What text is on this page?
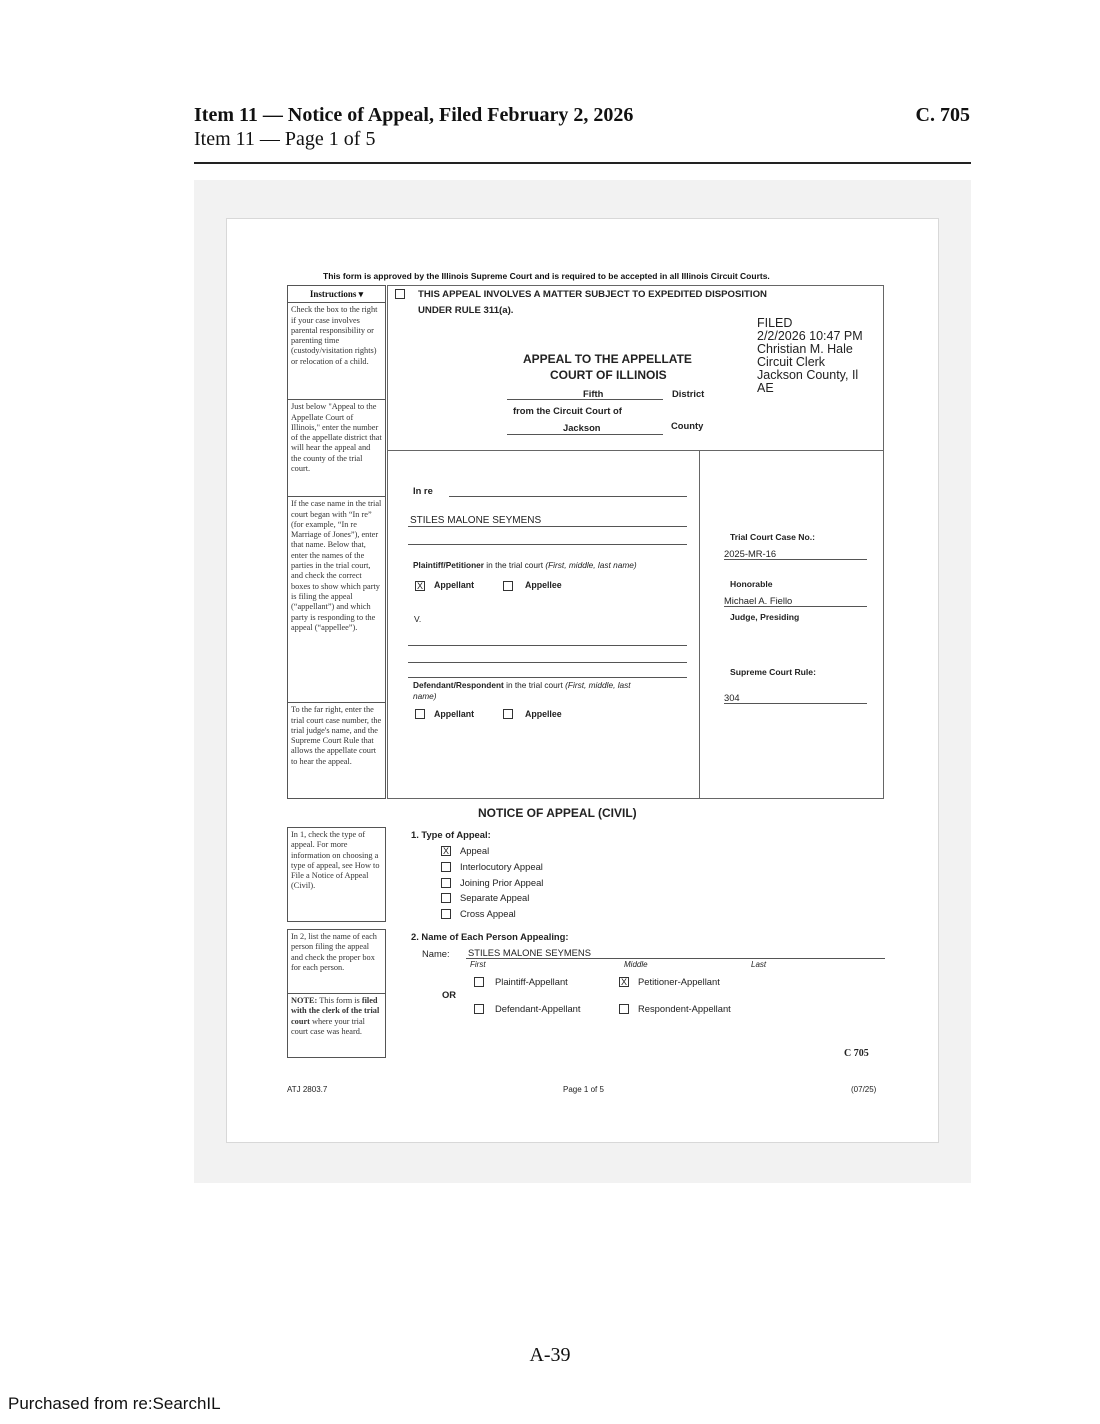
Item 11 — Notice of Appeal, Filed February 2, 2026
Item 11 — Page 1 of 5
C. 705
This form is approved by the Illinois Supreme Court and is required to be accepted in all Illinois Circuit Courts.
Instructions ▾
Check the box to the right if your case involves parental responsibility or parenting time (custody/visitation rights) or relocation of a child.
Just below "Appeal to the Appellate Court of Illinois," enter the number of the appellate district that will hear the appeal and the county of the trial court.
If the case name in the trial court began with “In re” (for example, “In re Marriage of Jones”), enter that name. Below that, enter the names of the parties in the trial court, and check the correct boxes to show which party is filing the appeal (“appellant”) and which party is responding to the appeal (“appellee”).
To the far right, enter the trial court case number, the trial judge's name, and the Supreme Court Rule that allows the appellate court to hear the appeal.
In 1, check the type of appeal. For more information on choosing a type of appeal, see How to File a Notice of Appeal (Civil).
In 2, list the name of each person filing the appeal and check the proper box for each person.
NOTE: This form is filed with the clerk of the trial court where your trial court case was heard.
THIS APPEAL INVOLVES A MATTER SUBJECT TO EXPEDITED DISPOSITION
UNDER RULE 311(a).
APPEAL TO THE APPELLATE
COURT OF ILLINOIS
Fifth	District
from the Circuit Court of
Jackson	County
FILED
2/2/2026 10:47 PM
Christian M. Hale
Circuit Clerk
Jackson County, Il
AE
In re
STILES MALONE SEYMENS
Plaintiff/Petitioner in the trial court (First, middle, last name)
X Appellant	Appellee
V.
Defendant/Respondent in the trial court (First, middle, last
name)
Appellant	Appellee
Trial Court Case No.:
2025-MR-16
Honorable
Michael A. Fiello
Judge, Presiding
Supreme Court Rule:
304
NOTICE OF APPEAL (CIVIL)
1. Type of Appeal:
X Appeal
Interlocutory Appeal
Joining Prior Appeal
Separate Appeal
Cross Appeal
2. Name of Each Person Appealing:
Name: STILES MALONE SEYMENS
First	Middle	Last
Plaintiff-Appellant	X Petitioner-Appellant
OR
Defendant-Appellant	Respondent-Appellant
C 705
ATJ 2803.7	Page 1 of 5	(07/25)
A-39
Purchased from re:SearchIL
